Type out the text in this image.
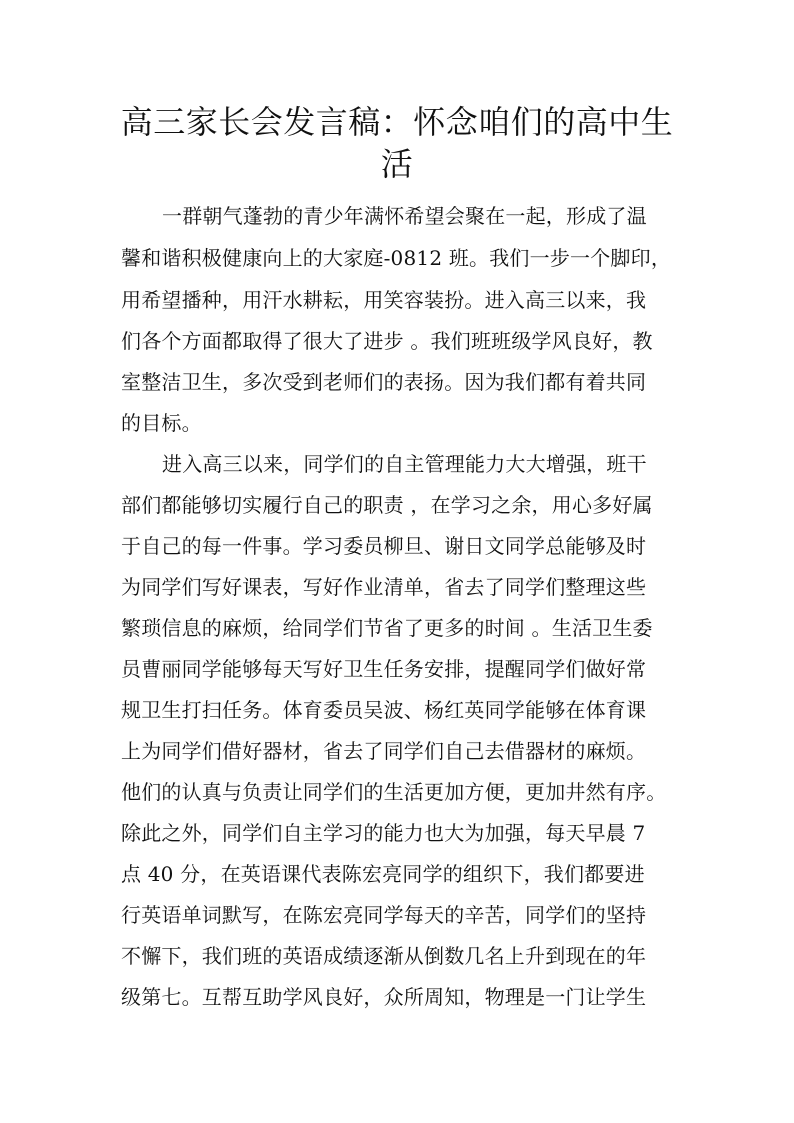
高三家长会发言稿：怀念咱们的高中生
活
一群朝气蓬勃的青少年满怀希望会聚在一起，形成了温
馨和谐积极健康向上的大家庭-0812 班。我们一步一个脚印，
用希望播种，用汗水耕耘，用笑容装扮。进入高三以来，我
们各个方面都取得了很大了进步 。我们班班级学风良好，教
室整洁卫生，多次受到老师们的表扬。因为我们都有着共同
的目标。
进入高三以来，同学们的自主管理能力大大增强，班干
部们都能够切实履行自己的职责 ，在学习之余，用心多好属
于自己的每一件事。学习委员柳旦、谢日文同学总能够及时
为同学们写好课表，写好作业清单，省去了同学们整理这些
繁琐信息的麻烦，给同学们节省了更多的时间 。生活卫生委
员曹丽同学能够每天写好卫生任务安排，提醒同学们做好常
规卫生打扫任务。体育委员吴波、杨红英同学能够在体育课
上为同学们借好器材，省去了同学们自己去借器材的麻烦。
他们的认真与负责让同学们的生活更加方便，更加井然有序。
除此之外，同学们自主学习的能力也大为加强，每天早晨 7
点 40 分，在英语课代表陈宏亮同学的组织下，我们都要进
行英语单词默写，在陈宏亮同学每天的辛苦，同学们的坚持
不懈下，我们班的英语成绩逐渐从倒数几名上升到现在的年
级第七。互帮互助学风良好，众所周知，物理是一门让学生
